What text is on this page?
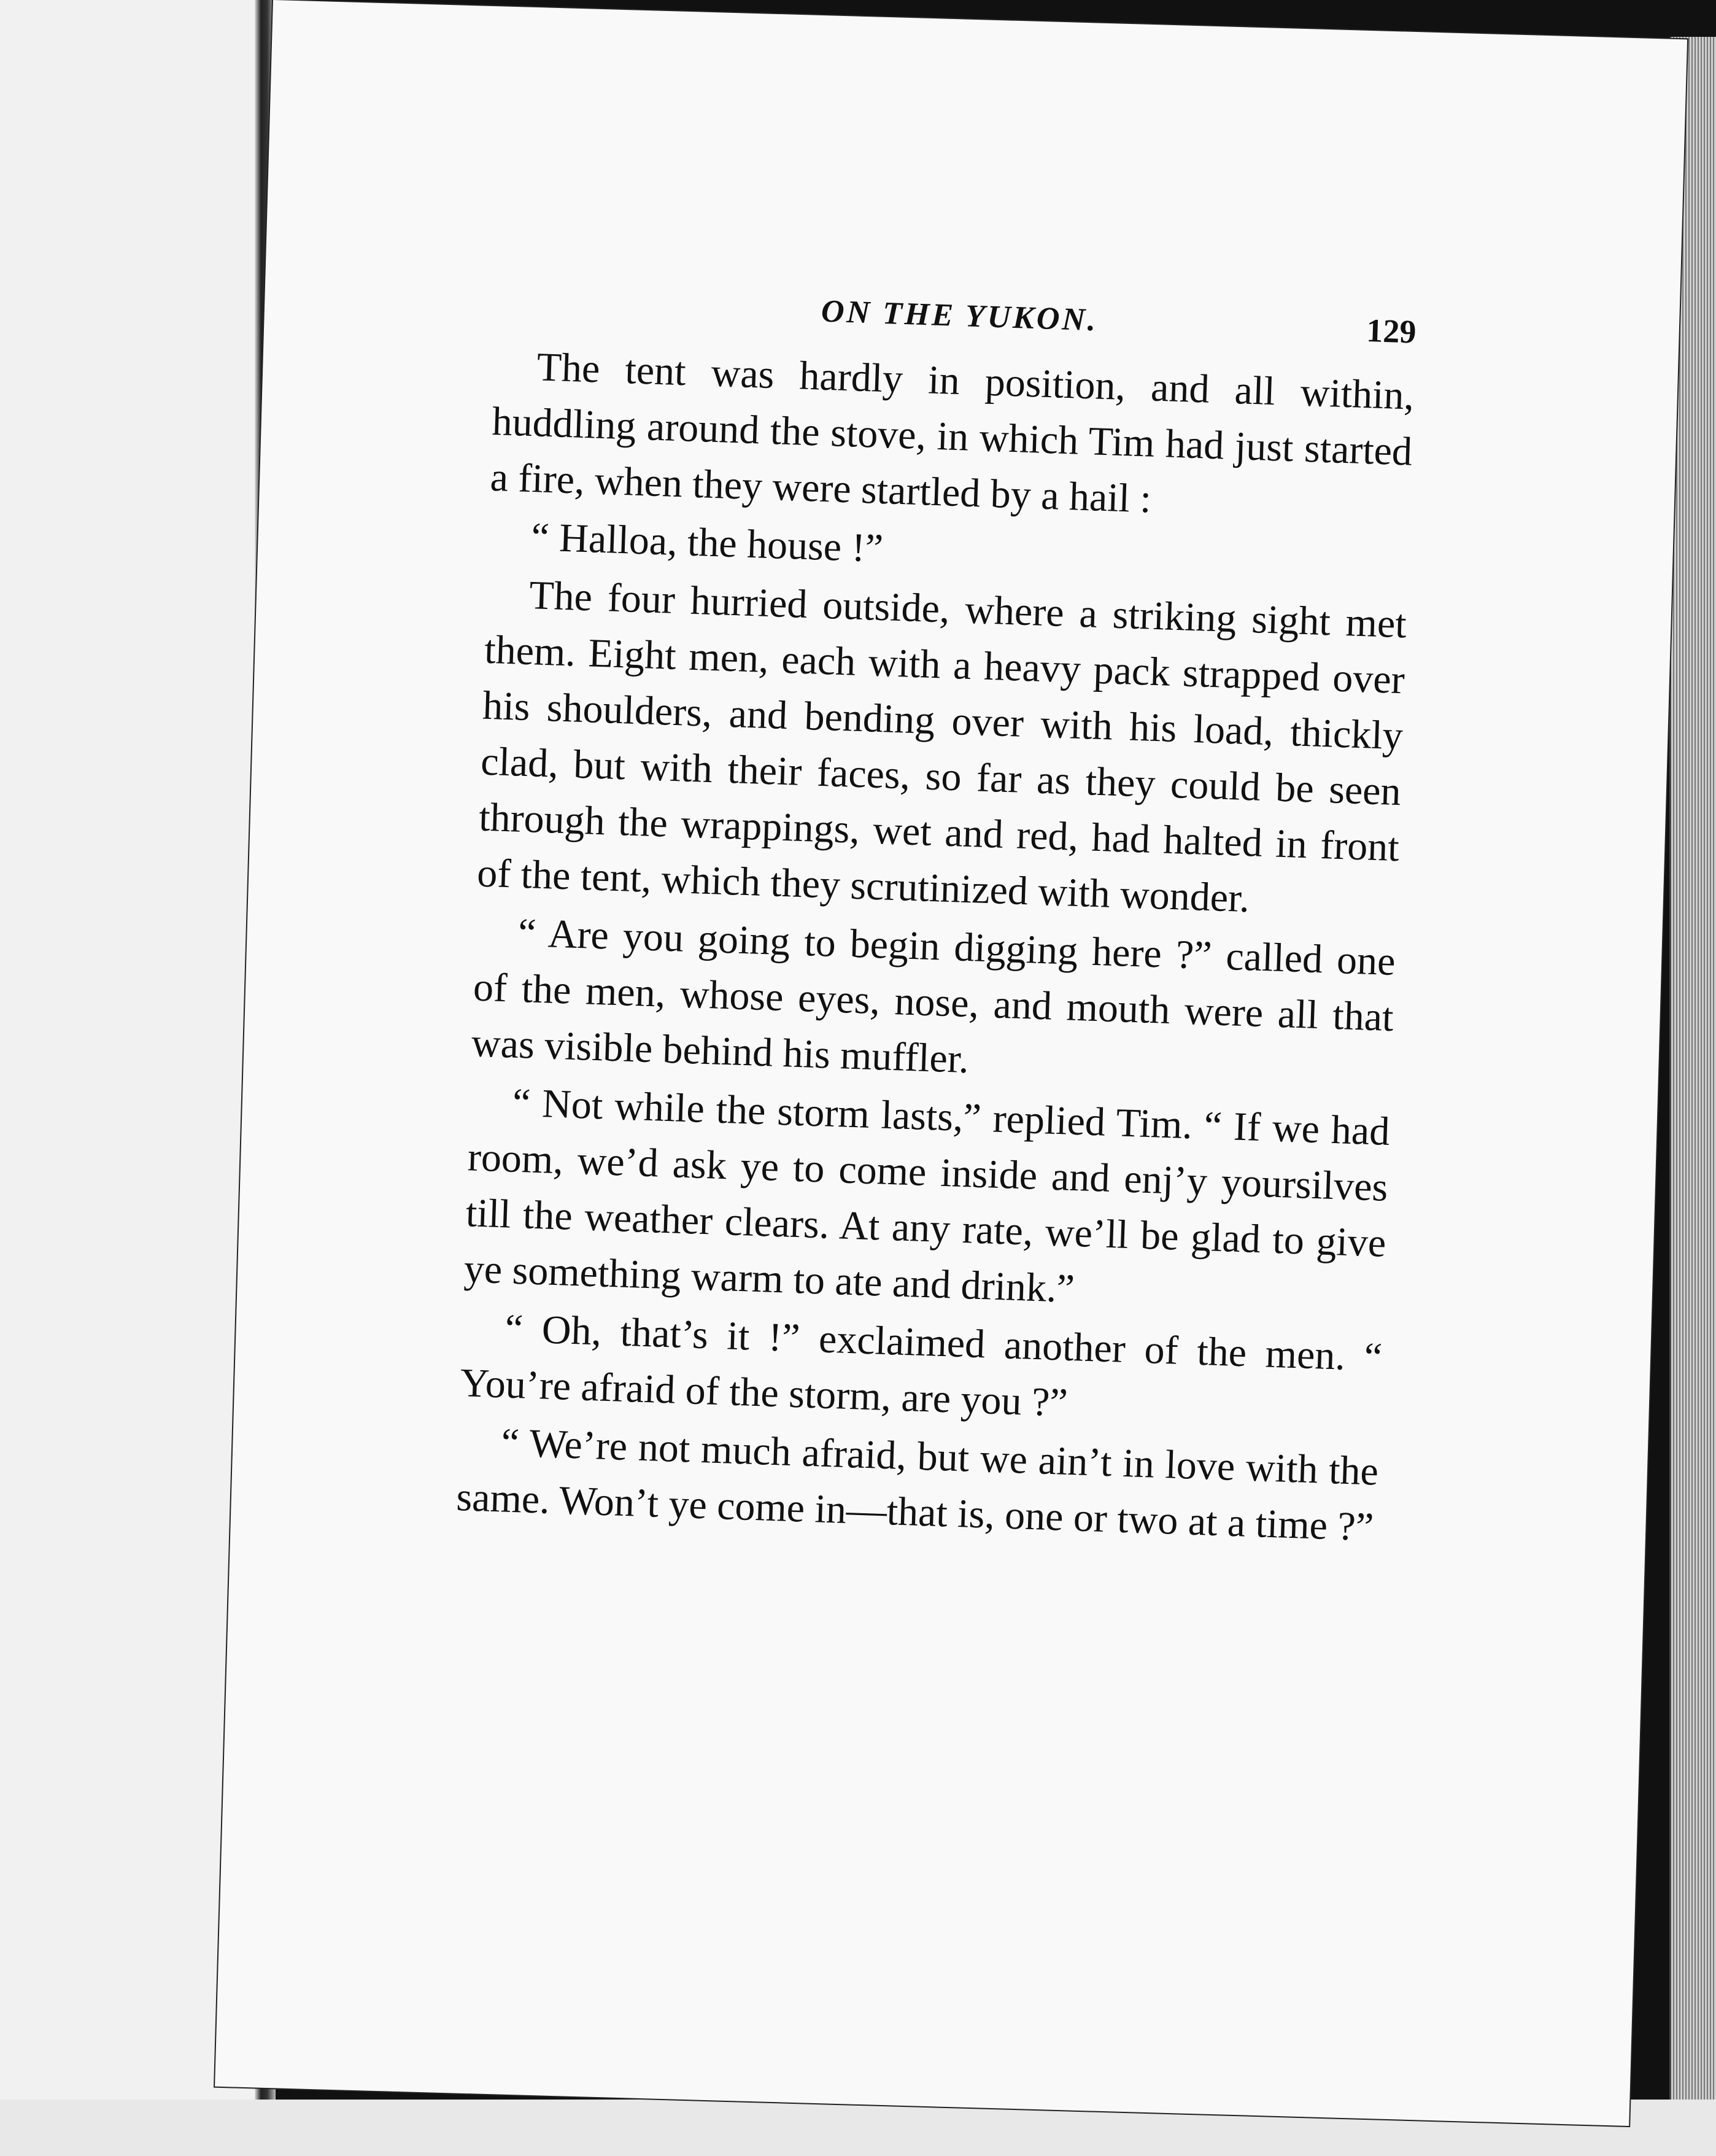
ON THE YUKON.	129

The tent was hardly in position, and all within, huddling around the stove, in which Tim had just started a fire, when they were startled by a hail :

“ Halloa, the house !”

The four hurried outside, where a striking sight met them. Eight men, each with a heavy pack strapped over his shoulders, and bending over with his load, thickly clad, but with their faces, so far as they could be seen through the wrappings, wet and red, had halted in front of the tent, which they scrutinized with wonder.

“ Are you going to begin digging here ?” called one of the men, whose eyes, nose, and mouth were all that was visible behind his muffler.

“ Not while the storm lasts,” replied Tim. “ If we had room, we’d ask ye to come inside and enj’y yoursilves till the weather clears. At any rate, we’ll be glad to give ye something warm to ate and drink.”

“ Oh, that’s it !” exclaimed another of the men. “ You’re afraid of the storm, are you ?”

“ We’re not much afraid, but we ain’t in love with the same. Won’t ye come in—that is, one or two at a time ?”
